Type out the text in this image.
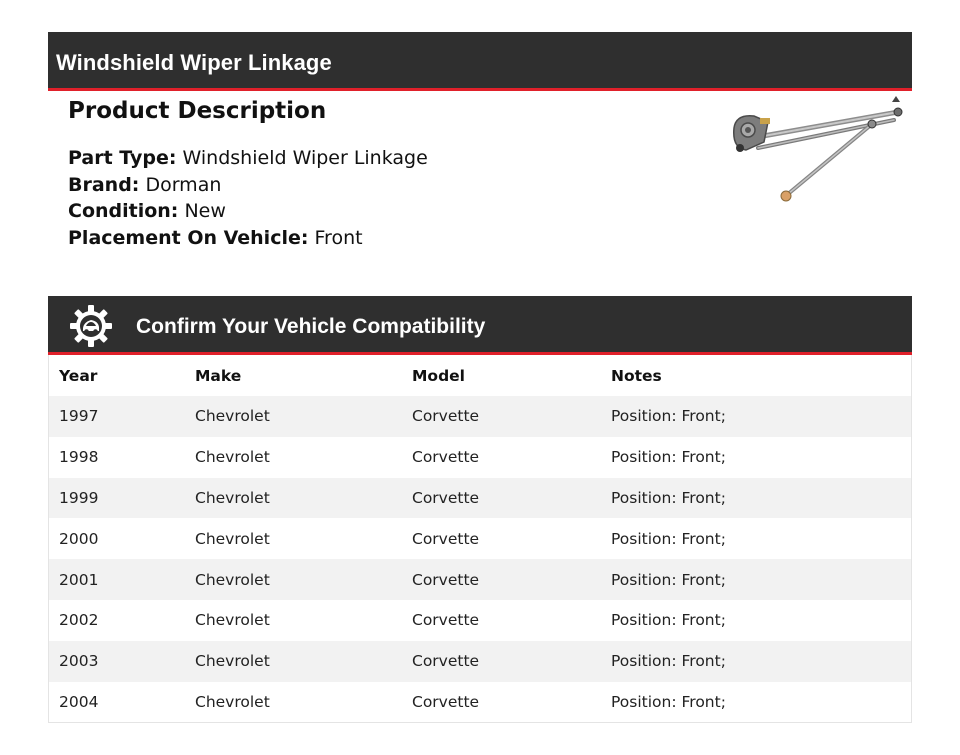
Windshield Wiper Linkage
Product Description
Part Type: Windshield Wiper Linkage
Brand: Dorman
Condition: New
Placement On Vehicle: Front
Confirm Your Vehicle Compatibility
Year	Make	Model	Notes
1997	Chevrolet	Corvette	Position: Front;
1998	Chevrolet	Corvette	Position: Front;
1999	Chevrolet	Corvette	Position: Front;
2000	Chevrolet	Corvette	Position: Front;
2001	Chevrolet	Corvette	Position: Front;
2002	Chevrolet	Corvette	Position: Front;
2003	Chevrolet	Corvette	Position: Front;
2004	Chevrolet	Corvette	Position: Front;
